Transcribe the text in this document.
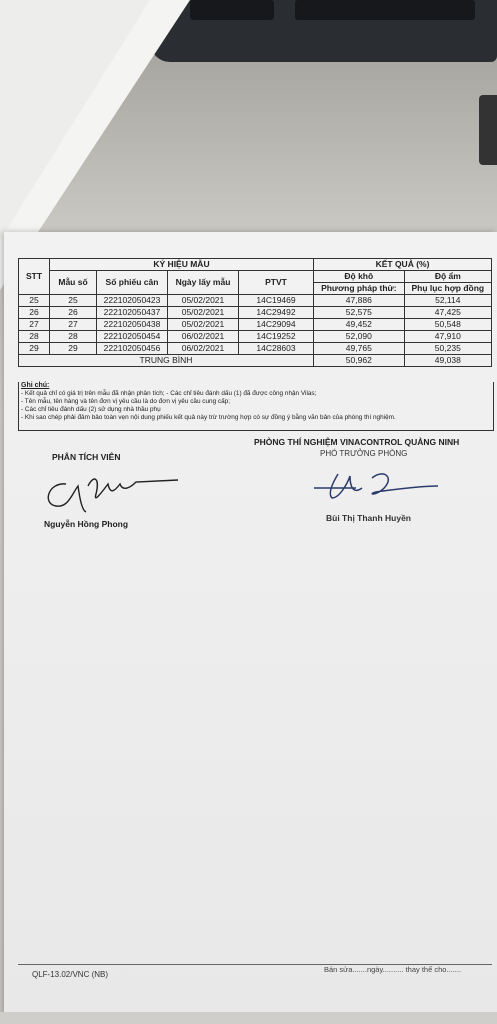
STT	KÝ HIỆU MẪU				KẾT QUẢ (%)	
	Mẫu số	Số phiếu cân	Ngày lấy mẫu	PTVT	Độ khô	Độ ẩm
					Phương pháp thử:	Phụ lục hợp đồng
25	25	222102050423	05/02/2021	14C19469	47,886	52,114
26	26	222102050437	05/02/2021	14C29492	52,575	47,425
27	27	222102050438	05/02/2021	14C29094	49,452	50,548
28	28	222102050454	06/02/2021	14C19252	52,090	47,910
29	29	222102050456	06/02/2021	14C28603	49,765	50,235
TRUNG BÌNH					50,962	49,038
Ghi chú:
- Kết quả chỉ có giá trị trên mẫu đã nhận phân tích; - Các chỉ tiêu đánh dấu (1) đã được công nhận Vilas;
- Tên mẫu, tên hàng và tên đơn vị yêu cầu là do đơn vị yêu cầu cung cấp;
- Các chỉ tiêu đánh dấu (2) sử dụng nhà thầu phụ
- Khi sao chép phải đảm bảo toàn vẹn nội dung phiếu kết quả này trừ trường hợp có sự đồng ý bằng văn bản của phòng thí nghiệm.
PHÒNG THÍ NGHIỆM VINACONTROL QUẢNG NINH
PHÓ TRƯỞNG PHÒNG
PHÂN TÍCH VIÊN
Nguyễn Hồng Phong
Bùi Thị Thanh Huyền
QLF-13.02/VNC (NB)
Bản sửa.......ngày.......... thay thế cho.......
